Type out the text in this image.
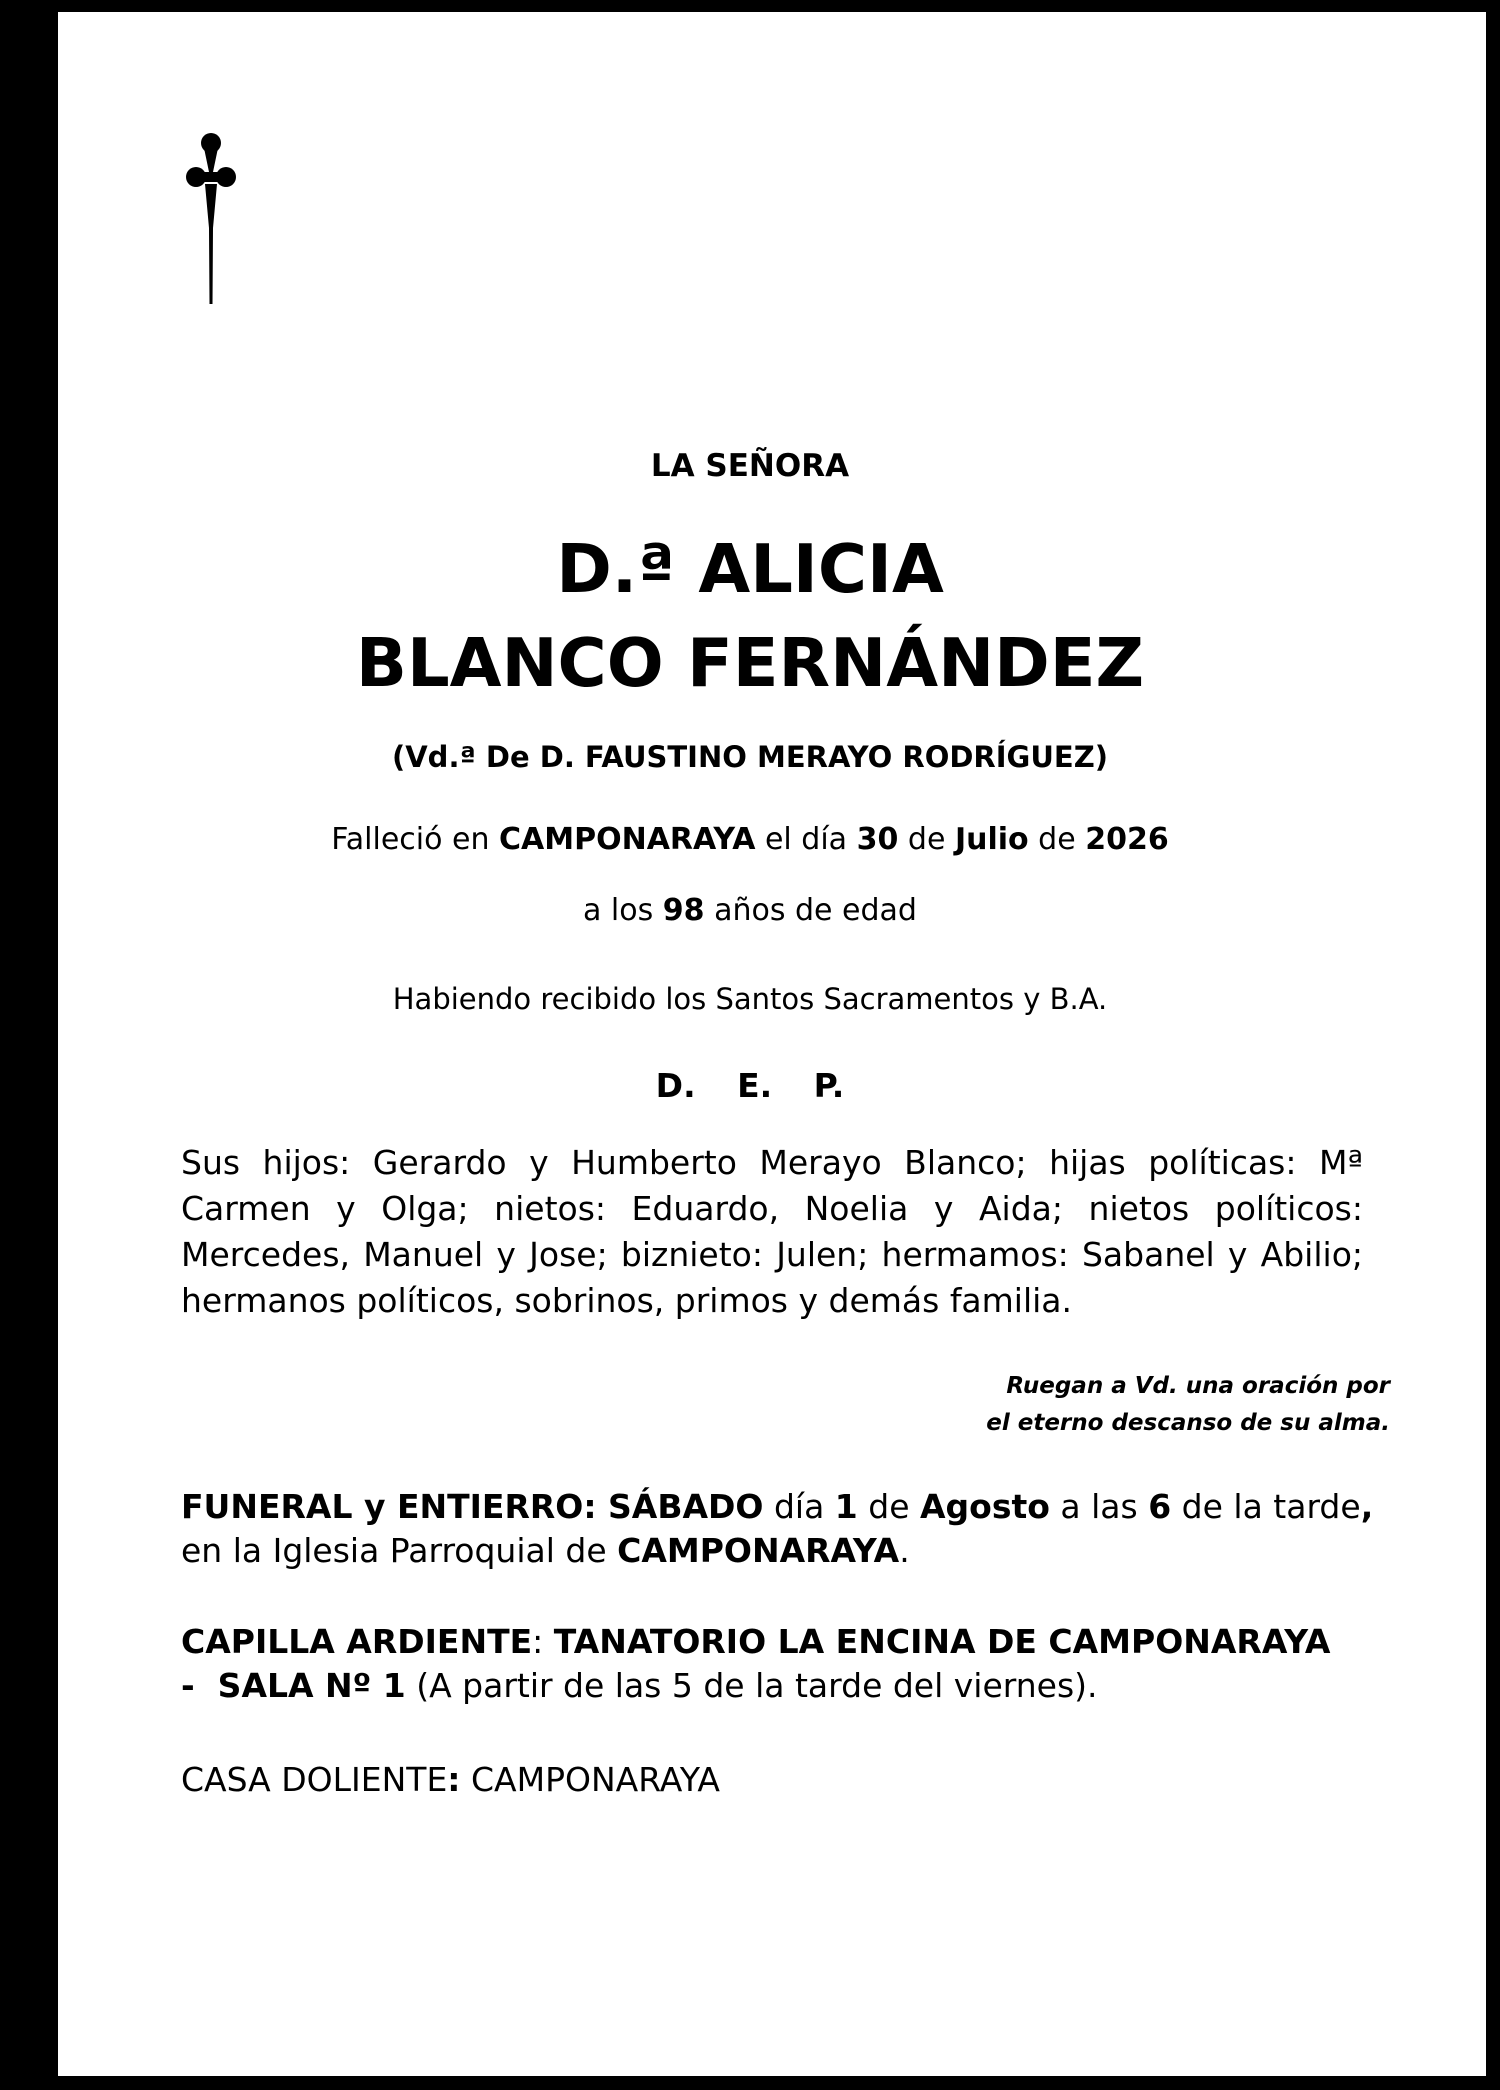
LA SEÑORA
D.ª ALICIA
BLANCO FERNÁNDEZ
(Vd.ª De D. FAUSTINO MERAYO RODRÍGUEZ)
Falleció en CAMPONARAYA el día 30 de Julio de 2026
a los 98 años de edad
Habiendo recibido los Santos Sacramentos y B.A.
D. E. P.
Sus hijos: Gerardo y Humberto Merayo Blanco; hijas políticas: Mª Carmen y Olga; nietos: Eduardo, Noelia y Aida; nietos políticos: Mercedes, Manuel y Jose; biznieto: Julen; hermamos: Sabanel y Abilio; hermanos políticos, sobrinos, primos y demás familia.
Ruegan a Vd. una oración por
el eterno descanso de su alma.
FUNERAL y ENTIERRO: SÁBADO día 1 de Agosto a las 6 de la tarde, en la Iglesia Parroquial de CAMPONARAYA.
CAPILLA ARDIENTE: TANATORIO LA ENCINA DE CAMPONARAYA
-  SALA Nº 1 (A partir de las 5 de la tarde del viernes).
CASA DOLIENTE: CAMPONARAYA
